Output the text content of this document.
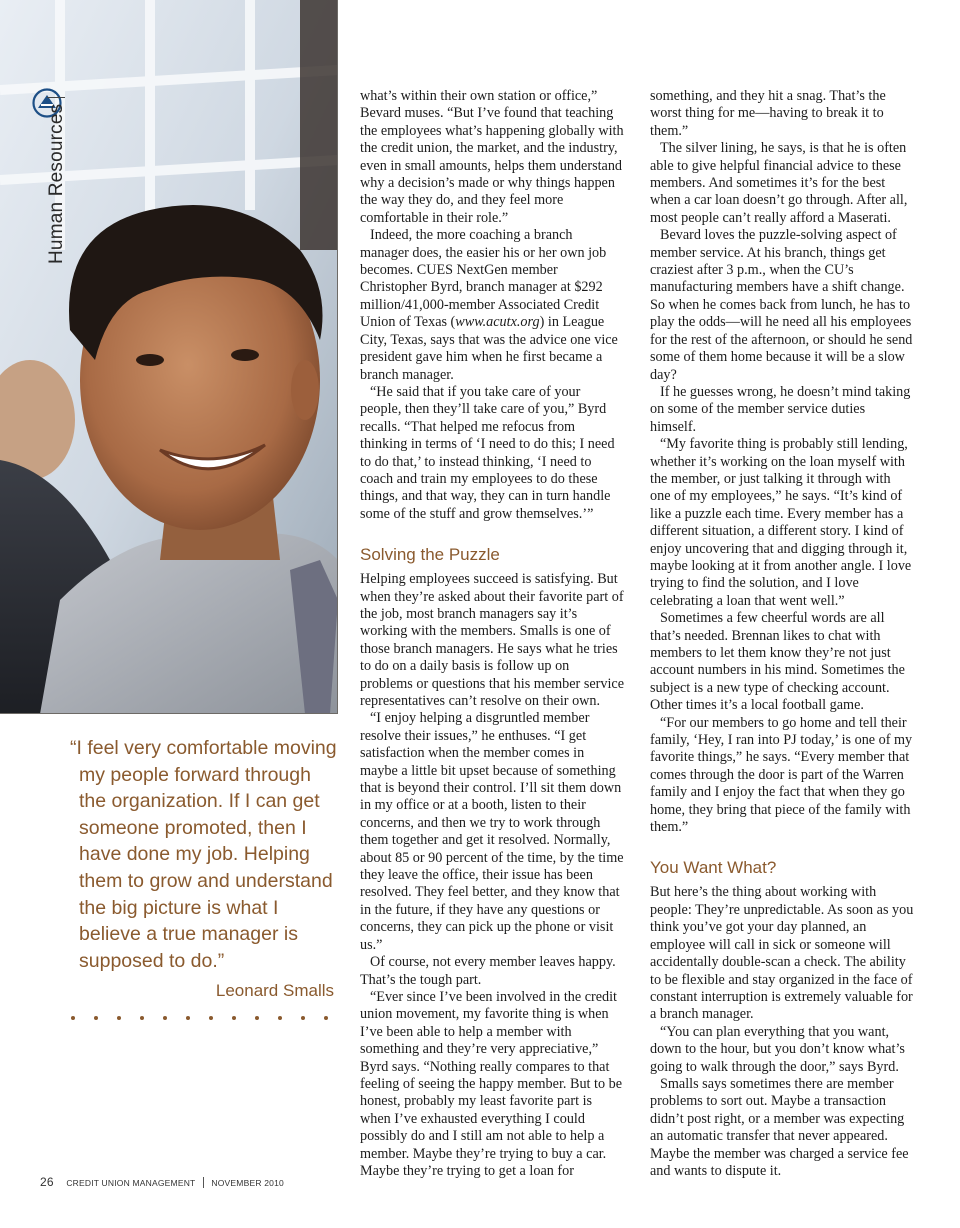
Human Resources
“I feel very comfortable moving my people forward through the organization. If I can get someone promoted, then I have done my job. Helping them to grow and understand the big picture is what I believe a true manager is supposed to do.”
Leonard Smalls

what’s within their own station or office,” Bevard muses. “But I’ve found that teaching the employees what’s happening globally with the credit union, the market, and the industry, even in small amounts, helps them understand why a decision’s made or why things happen the way they do, and they feel more comfortable in their role.”

Indeed, the more coaching a branch manager does, the easier his or her own job becomes. CUES NextGen member Christopher Byrd, branch manager at $292 million/41,000-member Associated Credit Union of Texas (www.acutx.org) in League City, Texas, says that was the advice one vice president gave him when he first became a branch manager.

“He said that if you take care of your people, then they’ll take care of you,” Byrd recalls. “That helped me refocus from thinking in terms of ‘I need to do this; I need to do that,’ to instead thinking, ‘I need to coach and train my employees to do these things, and that way, they can in turn handle some of the stuff and grow themselves.’”

Solving the Puzzle

Helping employees succeed is satisfying. But when they’re asked about their favorite part of the job, most branch managers say it’s working with the members. Smalls is one of those branch managers. He says what he tries to do on a daily basis is follow up on problems or questions that his member service representatives can’t resolve on their own.

“I enjoy helping a disgruntled member resolve their issues,” he enthuses. “I get satisfaction when the member comes in maybe a little bit upset because of something that is beyond their control. I’ll sit them down in my office or at a booth, listen to their concerns, and then we try to work through them together and get it resolved. Normally, about 85 or 90 percent of the time, by the time they leave the office, their issue has been resolved. They feel better, and they know that in the future, if they have any questions or concerns, they can pick up the phone or visit us.”

Of course, not every member leaves happy. That’s the tough part.

“Ever since I’ve been involved in the credit union movement, my favorite thing is when I’ve been able to help a member with something and they’re very appreciative,” Byrd says. “Nothing really compares to that feeling of seeing the happy member. But to be honest, probably my least favorite part is when I’ve exhausted everything I could possibly do and I still am not able to help a member. Maybe they’re trying to buy a car. Maybe they’re trying to get a loan for

something, and they hit a snag. That’s the worst thing for me—having to break it to them.”

The silver lining, he says, is that he is often able to give helpful financial advice to these members. And sometimes it’s for the best when a car loan doesn’t go through. After all, most people can’t really afford a Maserati.

Bevard loves the puzzle-solving aspect of member service. At his branch, things get craziest after 3 p.m., when the CU’s manufacturing members have a shift change. So when he comes back from lunch, he has to play the odds—will he need all his employees for the rest of the afternoon, or should he send some of them home because it will be a slow day?

If he guesses wrong, he doesn’t mind taking on some of the member service duties himself.

“My favorite thing is probably still lending, whether it’s working on the loan myself with the member, or just talking it through with one of my employees,” he says. “It’s kind of like a puzzle each time. Every member has a different situation, a different story. I kind of enjoy uncovering that and digging through it, maybe looking at it from another angle. I love trying to find the solution, and I love celebrating a loan that went well.”

Sometimes a few cheerful words are all that’s needed. Brennan likes to chat with members to let them know they’re not just account numbers in his mind. Sometimes the subject is a new type of checking account. Other times it’s a local football game.

“For our members to go home and tell their family, ‘Hey, I ran into PJ today,’ is one of my favorite things,” he says. “Every member that comes through the door is part of the Warren family and I enjoy the fact that when they go home, they bring that piece of the family with them.”

You Want What?

But here’s the thing about working with people: They’re unpredictable. As soon as you think you’ve got your day planned, an employee will call in sick or someone will accidentally double-scan a check. The ability to be flexible and stay organized in the face of constant interruption is extremely valuable for a branch manager.

“You can plan everything that you want, down to the hour, but you don’t know what’s going to walk through the door,” says Byrd.

Smalls says sometimes there are member problems to sort out. Maybe a transaction didn’t post right, or a member was expecting an automatic transfer that never appeared. Maybe the member was charged a service fee and wants to dispute it.

26 CREDIT UNION MANAGEMENT NOVEMBER 2010
